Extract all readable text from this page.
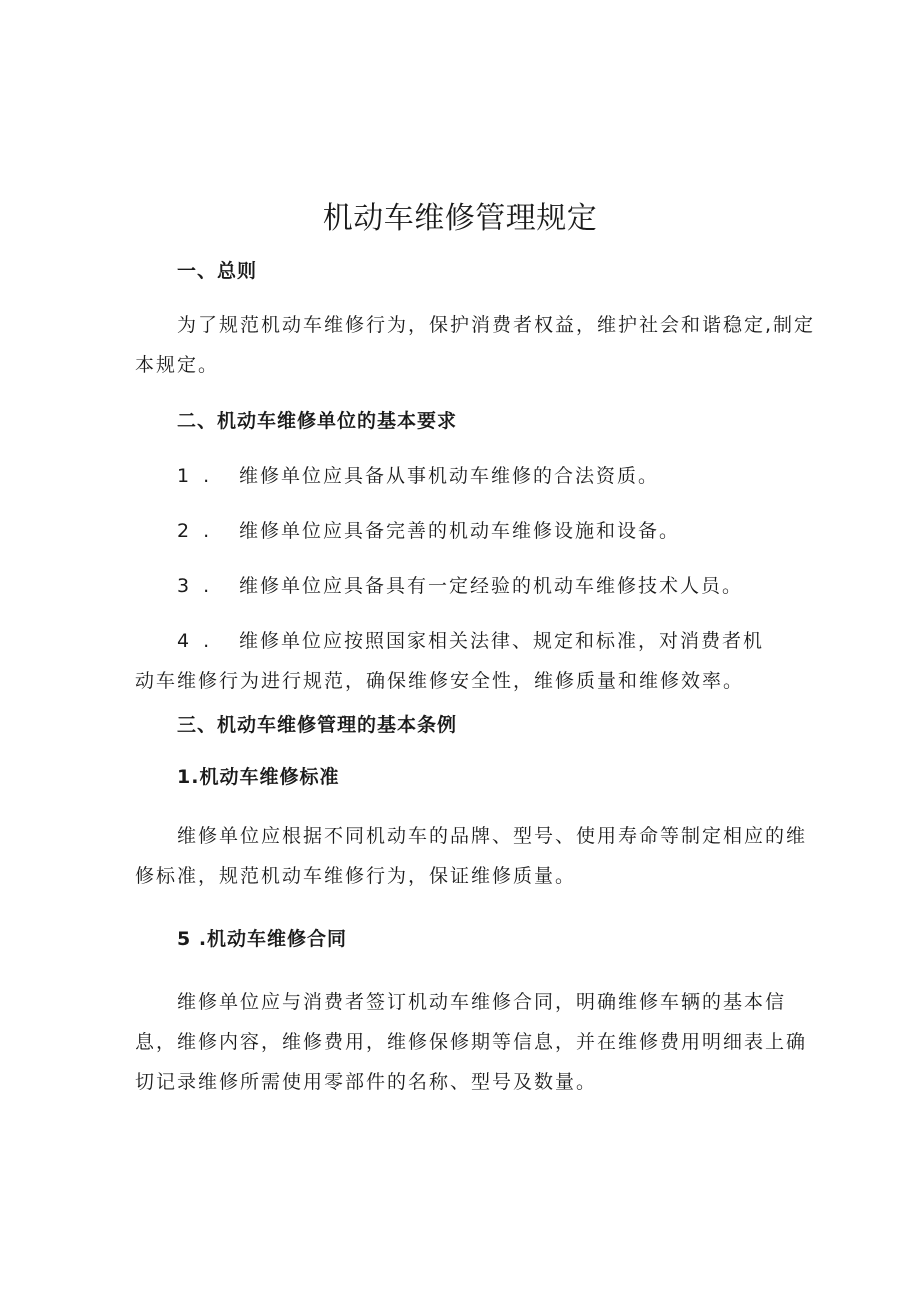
机动车维修管理规定
一、总则
为了规范机动车维修行为，保护消费者权益，维护社会和谐稳定,制定
本规定。
二、机动车维修单位的基本要求
1 . 维修单位应具备从事机动车维修的合法资质。
2 . 维修单位应具备完善的机动车维修设施和设备。
3 . 维修单位应具备具有一定经验的机动车维修技术人员。
4 . 维修单位应按照国家相关法律、规定和标准，对消费者机
动车维修行为进行规范，确保维修安全性，维修质量和维修效率。
三、机动车维修管理的基本条例
1.机动车维修标准
维修单位应根据不同机动车的品牌、型号、使用寿命等制定相应的维
修标准，规范机动车维修行为，保证维修质量。
5 .机动车维修合同
维修单位应与消费者签订机动车维修合同，明确维修车辆的基本信
息，维修内容，维修费用，维修保修期等信息，并在维修费用明细表上确
切记录维修所需使用零部件的名称、型号及数量。
